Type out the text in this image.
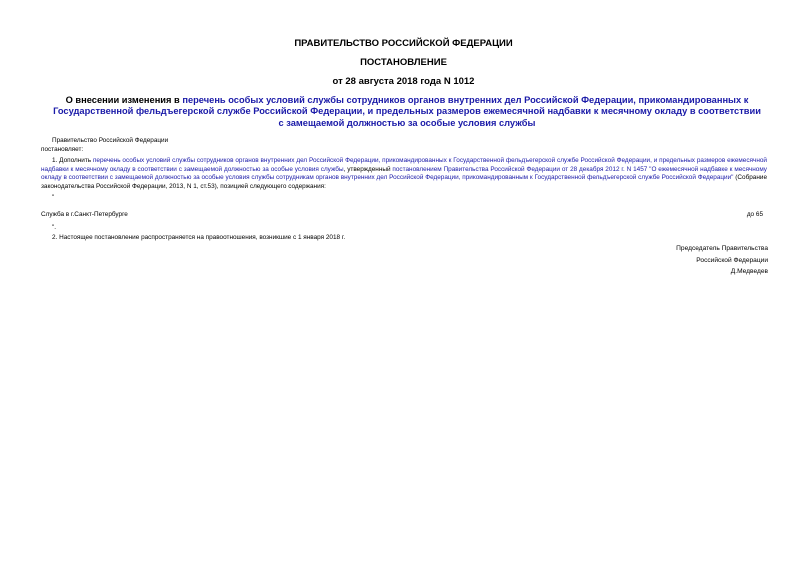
ПРАВИТЕЛЬСТВО РОССИЙСКОЙ ФЕДЕРАЦИИ
ПОСТАНОВЛЕНИЕ
от 28 августа 2018 года N 1012
О внесении изменения в перечень особых условий службы сотрудников органов внутренних дел Российской Федерации, прикомандированных к Государственной фельдъегерской службе Российской Федерации, и предельных размеров ежемесячной надбавки к месячному окладу в соответствии с замещаемой должностью за особые условия службы
Правительство Российской Федерации
постановляет:
1. Дополнить перечень особых условий службы сотрудников органов внутренних дел Российской Федерации, прикомандированных к Государственной фельдъегерской службе Российской Федерации, и предельных размеров ежемесячной надбавки к месячному окладу в соответствии с замещаемой должностью за особые условия службы, утвержденный постановлением Правительства Российской Федерации от 28 декабря 2012 г. N 1457 "О ежемесячной надбавке к месячному окладу в соответствии с замещаемой должностью за особые условия службы сотрудникам органов внутренних дел Российской Федерации, прикомандированным к Государственной фельдъегерской службе Российской Федерации" (Собрание законодательства Российской Федерации, 2013, N 1, ст.53), позицией следующего содержания:
"
Служба в г.Санкт-Петербурге	до 65
".
2. Настоящее постановление распространяется на правоотношения, возникшие с 1 января 2018 г.
Председатель Правительства
Российской Федерации
Д.Медведев
